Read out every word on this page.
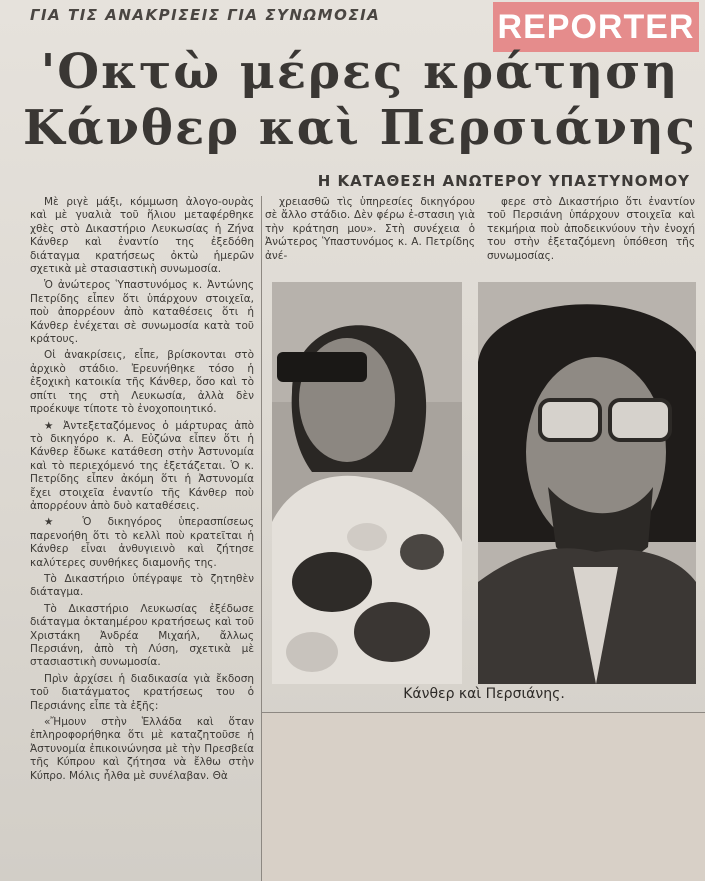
ΓΙΑ ΤΙΣ ΑΝΑΚΡΙΣΕΙΣ ΓΙΑ ΣΥΝΩΜΟΣΙΑ	REPORTER
'Οκτὼ μέρες κράτηση
Κάνθερ καὶ Περσιάνης
Η ΚΑΤΑΘΕΣΗ ΑΝΩΤΕΡΟΥ ΥΠΑΣΤΥΝΟΜΟΥ

Μὲ ριγὲ μάξι, κόμμωση ἀλογο-ουρὰς καὶ μὲ γυαλιὰ τοῦ ἥλιου μεταφέρθηκε χθὲς στὸ Δικαστήριο Λευκωσίας ἡ Ζήνα Κάνθερ καὶ ἐναντίο της ἐξεδόθη διάταγμα κρατήσεως ὀκτὼ ἡμερῶν σχετικὰ μὲ στασιαστικὴ συνωμοσία.

Ὁ ἀνώτερος Ὑπαστυνόμος κ. Ἀντώνης Πετρίδης εἶπεν ὅτι ὑπάρχουν στοιχεῖα, ποὺ ἀπορρέουν ἀπὸ καταθέσεις ὅτι ἡ Κάνθερ ἐνέχεται σὲ συνωμοσία κατὰ τοῦ κράτους.

Οἱ ἀνακρίσεις, εἶπε, βρίσκονται στὸ ἀρχικὸ στάδιο. Ἐρευνήθηκε τόσο ἡ ἐξοχικὴ κατοικία τῆς Κάνθερ, ὅσο καὶ τὸ σπίτι της στὴ Λευκωσία, ἀλλὰ δὲν προέκυψε τίποτε τὸ ἐνοχοποιητικό.

★ Ἀντεξεταζόμενος ὁ μάρτυρας ἀπὸ τὸ δικηγόρο κ. Α. Εὐζώνα εἶπεν ὅτι ἡ Κάνθερ ἔδωκε κατάθεση στὴν Ἀστυνομία καὶ τὸ περιεχόμενό της ἐξετάζεται. Ὁ κ. Πετρίδης εἶπεν ἀκόμη ὅτι ἡ Ἀστυνομία ἔχει στοιχεῖα ἐναντίο τῆς Κάνθερ ποὺ ἀπορρέουν ἀπὸ δυὸ καταθέσεις.

★ Ὁ δικηγόρος ὑπερασπίσεως παρενοήθη ὅτι τὸ κελλὶ ποὺ κρατεῖται ἡ Κάνθερ εἶναι ἀνθυγιεινὸ καὶ ζήτησε καλύτερες συνθήκες διαμονῆς της.

Τὸ Δικαστήριο ὑπέγραψε τὸ ζητηθὲν διάταγμα.

Τὸ Δικαστήριο Λευκωσίας ἐξέδωσε διάταγμα ὀκταημέρου κρατήσεως καὶ τοῦ Χριστάκη Ἀνδρέα Μιχαήλ, ἄλλως Περσιάνη, ἀπὸ τὴ Λύση, σχετικὰ μὲ στασιαστικὴ συνωμοσία.

Πρὶν ἀρχίσει ἡ διαδικασία γιὰ ἔκδοση τοῦ διατάγματος κρατήσεως του ὁ Περσιάνης εἶπε τὰ ἑξῆς:

«Ἤμουν στὴν Ἑλλάδα καὶ ὅταν ἐπληροφορήθηκα ὅτι μὲ καταζητοῦσε ἡ Ἀστυνομία ἐπικοινώνησα μὲ τὴν Πρεσβεία τῆς Κύπρου καὶ ζήτησα νὰ ἔλθω στὴν Κύπρο. Μόλις ἦλθα μὲ συνέλαβαν. Θὰ

χρειασθῶ τὶς ὑπηρεσίες δικηγόρου σὲ ἄλλο στάδιο. Δὲν φέρω ἐ-στασιη γιὰ τὴν κράτηση μου». Στὴ συνέχεια ὁ Ἀνώτερος Ὑπαστυνόμος κ. Α. Πετρίδης ἀνέ-

φερε στὸ Δικαστήριο ὅτι ἐναντίον τοῦ Περσιάνη ὑπάρχουν στοιχεῖα καὶ τεκμήρια ποὺ ἀποδεικνύουν τὴν ἐνοχή του στὴν ἐξεταζόμενη ὑπόθεση τῆς συνωμοσίας.

Κάνθερ καὶ Περσιάνης.
